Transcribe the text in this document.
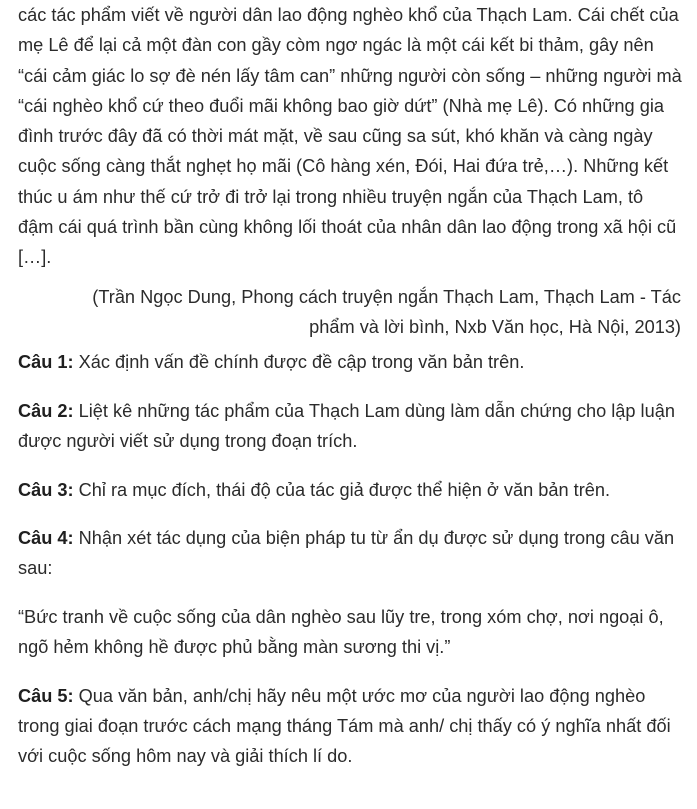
các tác phẩm viết về người dân lao động nghèo khổ của Thạch Lam. Cái chết của mẹ Lê để lại cả một đàn con gầy còm ngơ ngác là một cái kết bi thảm, gây nên “cái cảm giác lo sợ đè nén lấy tâm can” những người còn sống – những người mà “cái nghèo khổ cứ theo đuổi mãi không bao giờ dứt” (Nhà mẹ Lê). Có những gia đình trước đây đã có thời mát mặt, về sau cũng sa sút, khó khăn và càng ngày cuộc sống càng thắt nghẹt họ mãi (Cô hàng xén, Đói, Hai đứa trẻ,…). Những kết thúc u ám như thế cứ trở đi trở lại trong nhiều truyện ngắn của Thạch Lam, tô đậm cái quá trình bần cùng không lối thoát của nhân dân lao động trong xã hội cũ […].

(Trần Ngọc Dung, Phong cách truyện ngắn Thạch Lam, Thạch Lam - Tác
phẩm và lời bình, Nxb Văn học, Hà Nội, 2013)

Câu 1: Xác định vấn đề chính được đề cập trong văn bản trên.

Câu 2: Liệt kê những tác phẩm của Thạch Lam dùng làm dẫn chứng cho lập luận được người viết sử dụng trong đoạn trích.

Câu 3: Chỉ ra mục đích, thái độ của tác giả được thể hiện ở văn bản trên.

Câu 4: Nhận xét tác dụng của biện pháp tu từ ẩn dụ được sử dụng trong câu văn sau:

“Bức tranh về cuộc sống của dân nghèo sau lũy tre, trong xóm chợ, nơi ngoại ô, ngõ hẻm không hề được phủ bằng màn sương thi vị.”

Câu 5: Qua văn bản, anh/chị hãy nêu một ước mơ của người lao động nghèo trong giai đoạn trước cách mạng tháng Tám mà anh/ chị thấy có ý nghĩa nhất đối với cuộc sống hôm nay và giải thích lí do.
